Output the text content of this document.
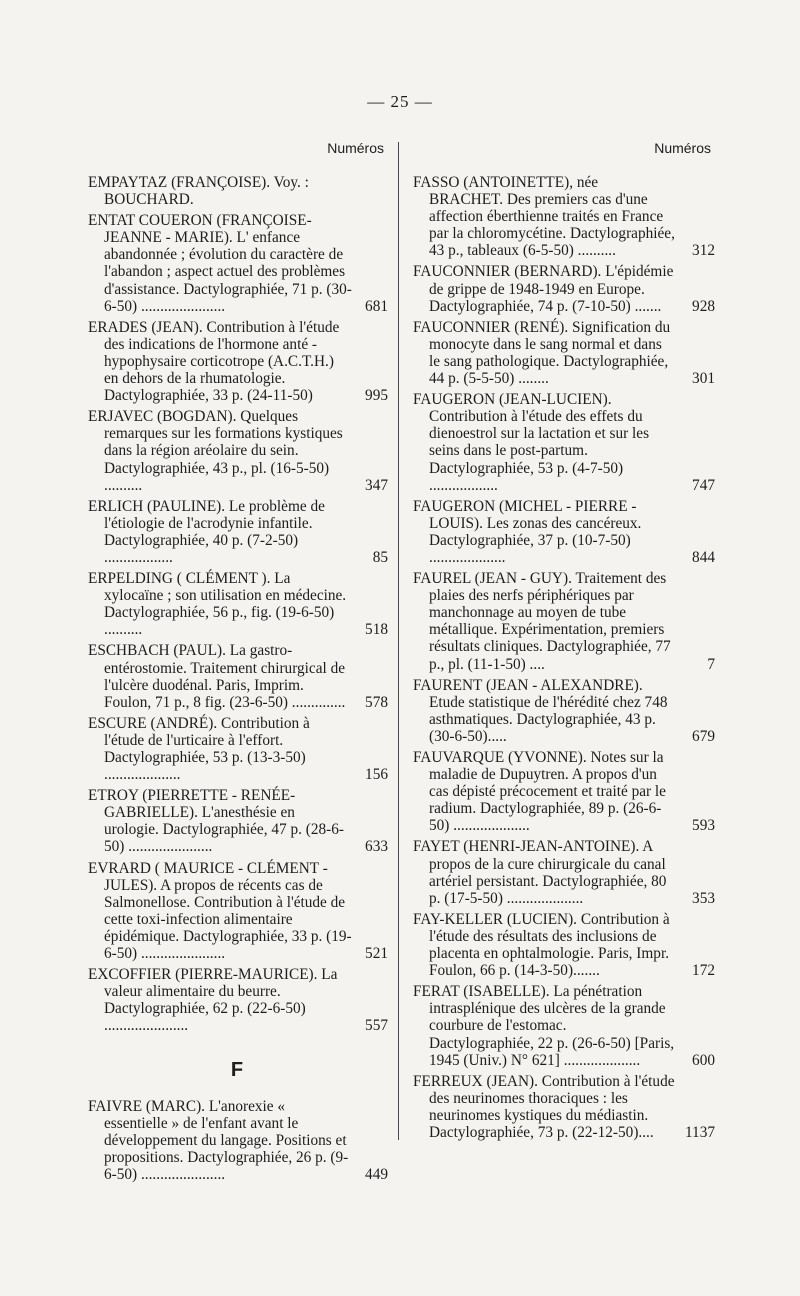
— 25 —
Numéros
EMPAYTAZ (FRANÇOISE). Voy. : BOUCHARD.
ENTAT COUERON (FRANÇOISE-JEANNE - MARIE). L' enfance abandonnée ; évolution du caractère de l'abandon ; aspect actuel des problèmes d'assistance. Dactylographiée, 71 p. (30-6-50) ......................	681
ERADES (JEAN). Contribution à l'étude des indications de l'hormone anté - hypophysaire corticotrope (A.C.T.H.) en dehors de la rhumatologie. Dactylographiée, 33 p. (24-11-50)	995
ERJAVEC (BOGDAN). Quelques remarques sur les formations kystiques dans la région aréolaire du sein. Dactylographiée, 43 p., pl. (16-5-50) ..........	347
ERLICH (PAULINE). Le problème de l'étiologie de l'acrodynie infantile. Dactylographiée, 40 p. (7-2-50) ..................	85
ERPELDING ( CLÉMENT ). La xylocaïne ; son utilisation en médecine. Dactylographiée, 56 p., fig. (19-6-50) ..........	518
ESCHBACH (PAUL). La gastro-entérostomie. Traitement chirurgical de l'ulcère duodénal. Paris, Imprim. Foulon, 71 p., 8 fig. (23-6-50) .............. 578
ESCURE (ANDRÉ). Contribution à l'étude de l'urticaire à l'effort. Dactylographiée, 53 p. (13-3-50) ....................	156
ETROY (PIERRETTE - RENÉE-GABRIELLE). L'anesthésie en urologie. Dactylographiée, 47 p. (28-6-50) ......................	633
EVRARD ( MAURICE - CLÉMENT - JULES). A propos de récents cas de Salmonellose. Contribution à l'étude de cette toxi-infection alimentaire épidémique. Dactylographiée, 33 p. (19-6-50) ......................	521
EXCOFFIER (PIERRE-MAURICE). La valeur alimentaire du beurre. Dactylographiée, 62 p. (22-6-50) ......................	557
F
FAIVRE (MARC). L'anorexie « essentielle » de l'enfant avant le développement du langage. Positions et propositions. Dactylographiée, 26 p. (9-6-50) ......................	449
Numéros
FASSO (ANTOINETTE), née BRACHET. Des premiers cas d'une affection éberthienne traités en France par la chloromycétine. Dactylographiée, 43 p., tableaux (6-5-50) ..........	312
FAUCONNIER (BERNARD). L'épidémie de grippe de 1948-1949 en Europe. Dactylographiée, 74 p. (7-10-50) ....... 928
FAUCONNIER (RENÉ). Signification du monocyte dans le sang normal et dans le sang pathologique. Dactylographiée, 44 p. (5-5-50) ........	301
FAUGERON (JEAN-LUCIEN). Contribution à l'étude des effets du dienoestrol sur la lactation et sur les seins dans le post-partum. Dactylographiée, 53 p. (4-7-50) ..................	747
FAUGERON (MICHEL - PIERRE - LOUIS). Les zonas des cancéreux. Dactylographiée, 37 p. (10-7-50) ....................	844
FAUREL (JEAN - GUY). Traitement des plaies des nerfs périphériques par manchonnage au moyen de tube métallique. Expérimentation, premiers résultats cliniques. Dactylographiée, 77 p., pl. (11-1-50) ....	7
FAURENT (JEAN - ALEXANDRE). Etude statistique de l'hérédité chez 748 asthmatiques. Dactylographiée, 43 p. (30-6-50).....	679
FAUVARQUE (YVONNE). Notes sur la maladie de Dupuytren. A propos d'un cas dépisté précocement et traité par le radium. Dactylographiée, 89 p. (26-6-50) ....................	593
FAYET (HENRI-JEAN-ANTOINE). A propos de la cure chirurgicale du canal artériel persistant. Dactylographiée, 80 p. (17-5-50) ....................	353
FAY-KELLER (LUCIEN). Contribution à l'étude des résultats des inclusions de placenta en ophtalmologie. Paris, Impr. Foulon, 66 p. (14-3-50).......	172
FERAT (ISABELLE). La pénétration intrasplénique des ulcères de la grande courbure de l'estomac. Dactylographiée, 22 p. (26-6-50) [Paris, 1945 (Univ.) N° 621] ....................	600
FERREUX (JEAN). Contribution à l'étude des neurinomes thoraciques : les neurinomes kystiques du médiastin. Dactylographiée, 73 p. (22-12-50).... 1137
